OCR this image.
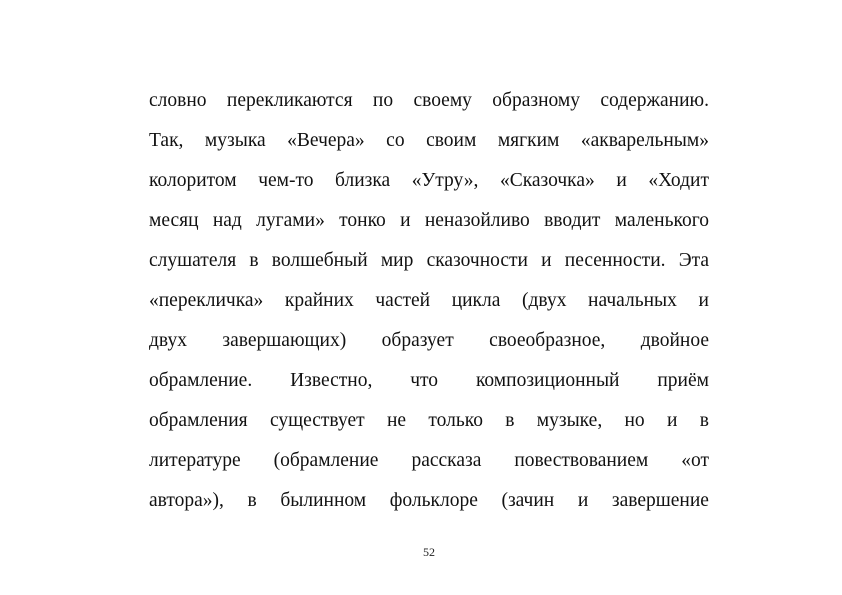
словно перекликаются по своему образному содержанию.
Так, музыка «Вечера» со своим мягким «акварельным»
колоритом чем-то близка «Утру», «Сказочка» и «Ходит
месяц над лугами» тонко и неназойливо вводит маленького
слушателя в волшебный мир сказочности и песенности. Эта
«перекличка» крайних частей цикла (двух начальных и
двух завершающих) образует своеобразное, двойное
обрамление. Известно, что композиционный приём
обрамления существует не только в музыке, но и в
литературе (обрамление рассказа повествованием «от
автора»), в былинном фольклоре (зачин и завершение
52
